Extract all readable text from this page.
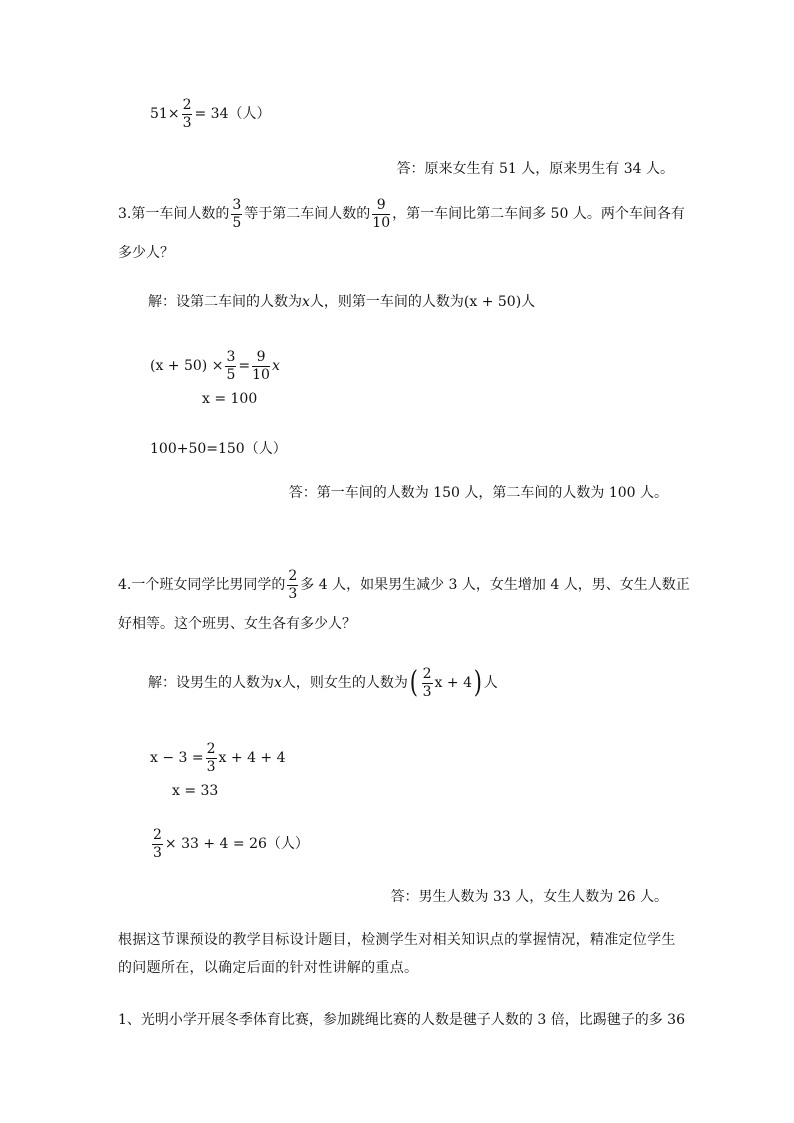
$51\times \frac{2}{3} = 34$（人）
答：原来女生有 51 人，原来男生有 34 人。
3.第一车间人数的 $\frac{3}{5}$ 等于第二车间人数的 $\frac{9}{10}$ ，第一车间比第二车间多 50 人。两个车间各有
多少人？
解：设第二车间的人数为x人，则第一车间的人数为(x + 50)人
$(x + 50) \times \frac{3}{5} = \frac{9}{10}$ x
x = 100
100+50=150（人）
答：第一车间的人数为 150 人，第二车间的人数为 100 人。
4.一个班女同学比男同学的 $\frac{2}{3}$ 多 4 人，如果男生减少 3 人，女生增加 4 人，男、女生人数正
好相等。这个班男、女生各有多少人？
解：设男生的人数为x人，则女生的人数为( $\frac{2}{3}$ x + 4) 人
$x - 3 = \frac{2}{3}$ x + 4 + 4
x = 33
$\frac{2}{3} \times 33 + 4 = 26$（人）
答：男生人数为 33 人，女生人数为 26 人。
根据这节课预设的教学目标设计题目，检测学生对相关知识点的掌握情况，精准定位学生的问题所在，以确定后面的针对性讲解的重点。
1、光明小学开展冬季体育比赛，参加跳绳比赛的人数是毽子人数的 3 倍，比踢毽子的多 36
